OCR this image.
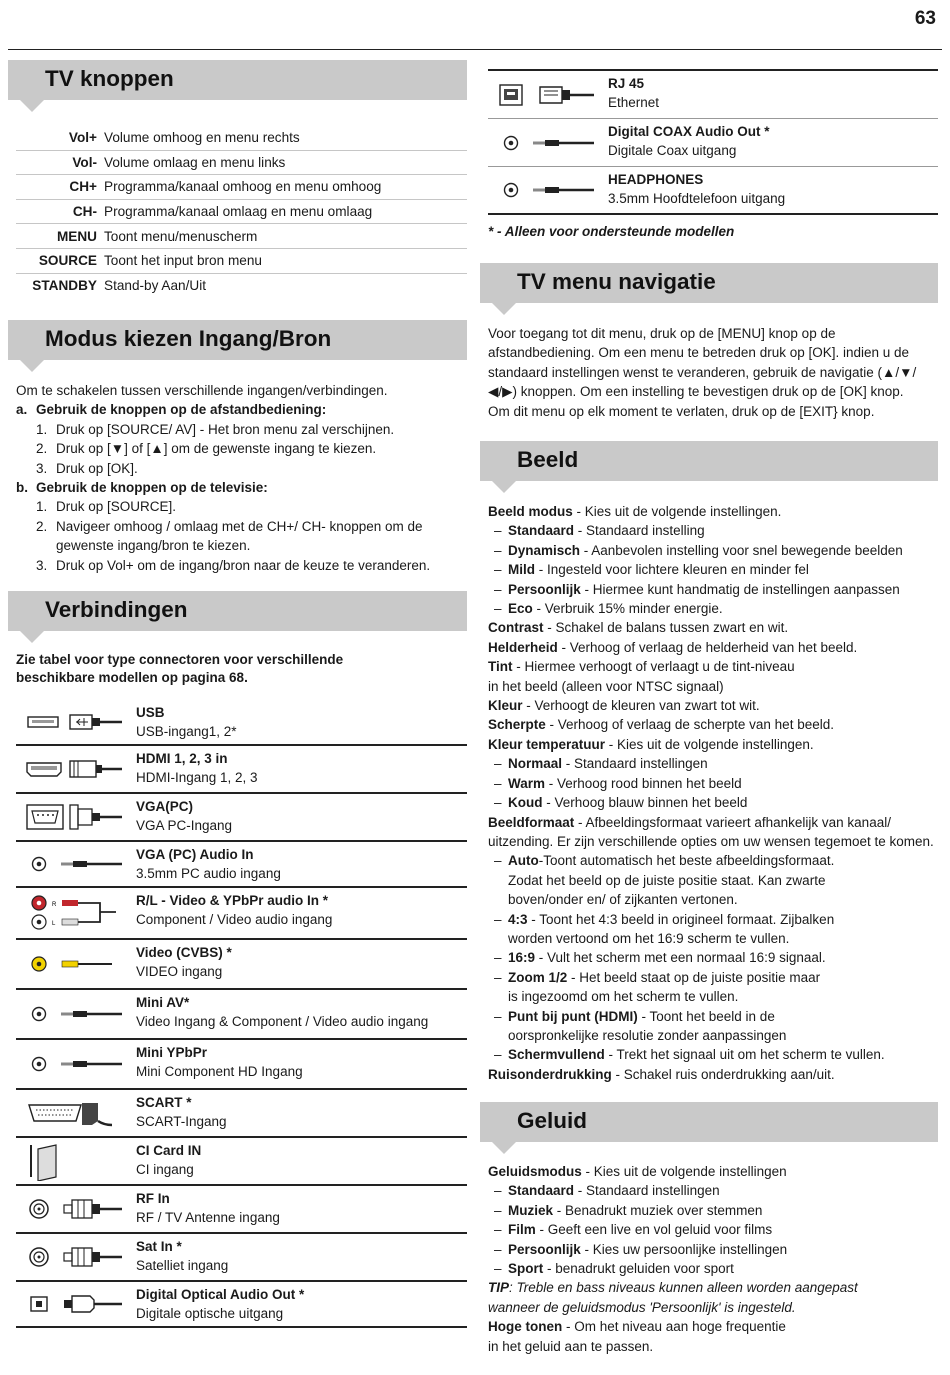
63
TV knoppen
Vol+ Volume omhoog en menu rechts
Vol- Volume omlaag en menu links
CH+ Programma/kanaal omhoog en menu omhoog
CH- Programma/kanaal omlaag en menu omlaag
MENU Toont menu/menuscherm
SOURCE Toont het input bron menu
STANDBY Stand-by Aan/Uit
Modus kiezen Ingang/Bron
Om te schakelen tussen verschillende ingangen/verbindingen.
a. Gebruik de knoppen op de afstandbediening:
1. Druk op [SOURCE/ AV] - Het bron menu zal verschijnen.
2. Druk op [▼] of [▲] om de gewenste ingang te kiezen.
3. Druk op [OK].
b. Gebruik de knoppen op de televisie:
1. Druk op [SOURCE].
2. Navigeer omhoog / omlaag met de CH+/ CH- knoppen om de gewenste ingang/bron te kiezen.
3. Druk op Vol+ om de ingang/bron naar de keuze te veranderen.
Verbindingen
Zie tabel voor type connectoren voor verschillende beschikbare modellen op pagina 68.
USB
USB-ingang1, 2*
HDMI 1, 2, 3 in
HDMI-Ingang 1, 2, 3
VGA(PC)
VGA PC-Ingang
VGA (PC) Audio In
3.5mm PC audio ingang
R
L
R/L - Video & YPbPr audio In *
Component / Video audio ingang
Video (CVBS) *
VIDEO ingang
Mini AV*
Video Ingang & Component / Video audio ingang
Mini YPbPr
Mini Component HD Ingang
SCART *
SCART-Ingang
CI Card IN
CI ingang
RF In
RF / TV Antenne ingang
Sat In *
Satelliet ingang
Digital Optical Audio Out *
Digitale optische uitgang
RJ 45
Ethernet
Digital COAX Audio Out *
Digitale Coax uitgang
HEADPHONES
3.5mm Hoofdtelefoon uitgang
* - Alleen voor ondersteunde modellen
TV menu navigatie
Voor toegang tot dit menu, druk op de [MENU] knop op de afstandbediening. Om een menu te betreden druk op [OK]. indien u de standaard instellingen wenst te veranderen, gebruik de navigatie (▲/▼/◀/▶) knoppen. Om een instelling te bevestigen druk op de [OK] knop. Om dit menu op elk moment te verlaten, druk op de [EXIT} knop.
Beeld
Beeld modus - Kies uit de volgende instellingen.
– Standaard - Standaard instelling
– Dynamisch - Aanbevolen instelling voor snel bewegende beelden
– Mild - Ingesteld voor lichtere kleuren en minder fel
– Persoonlijk - Hiermee kunt handmatig de instellingen aanpassen
– Eco - Verbruik 15% minder energie.
Contrast - Schakel de balans tussen zwart en wit.
Helderheid - Verhoog of verlaag de helderheid van het beeld.
Tint - Hiermee verhoogt of verlaagt u de tint-niveau
in het beeld (alleen voor NTSC signaal)
Kleur - Verhoogt de kleuren van zwart tot wit.
Scherpte - Verhoog of verlaag de scherpte van het beeld.
Kleur temperatuur - Kies uit de volgende instellingen.
– Normaal - Standaard instellingen
– Warm - Verhoog rood binnen het beeld
– Koud - Verhoog blauw binnen het beeld
Beeldformaat - Afbeeldingsformaat varieert afhankelijk van kanaal/
uitzending. Er zijn verschillende opties om uw wensen tegemoet te komen.
– Auto-Toont automatisch het beste afbeeldingsformaat.
Zodat het beeld op de juiste positie staat. Kan zwarte
boven/onder en/ of zijkanten vertonen.
– 4:3 - Toont het 4:3 beeld in origineel formaat. Zijbalken
worden vertoond om het 16:9 scherm te vullen.
– 16:9 - Vult het scherm met een normaal 16:9 signaal.
– Zoom 1/2 - Het beeld staat op de juiste positie maar
is ingezoomd om het scherm te vullen.
– Punt bij punt (HDMI) - Toont het beeld in de
oorspronkelijke resolutie zonder aanpassingen
– Schermvullend - Trekt het signaal uit om het scherm te vullen.
Ruisonderdrukking - Schakel ruis onderdrukking aan/uit.
Geluid
Geluidsmodus - Kies uit de volgende instellingen
– Standaard - Standaard instellingen
– Muziek - Benadrukt muziek over stemmen
– Film - Geeft een live en vol geluid voor films
– Persoonlijk - Kies uw persoonlijke instellingen
– Sport - benadrukt geluiden voor sport
TIP: Treble en bass niveaus kunnen alleen worden aangepast
wanneer de geluidsmodus 'Persoonlijk' is ingesteld.
Hoge tonen - Om het niveau aan hoge frequentie
in het geluid aan te passen.
